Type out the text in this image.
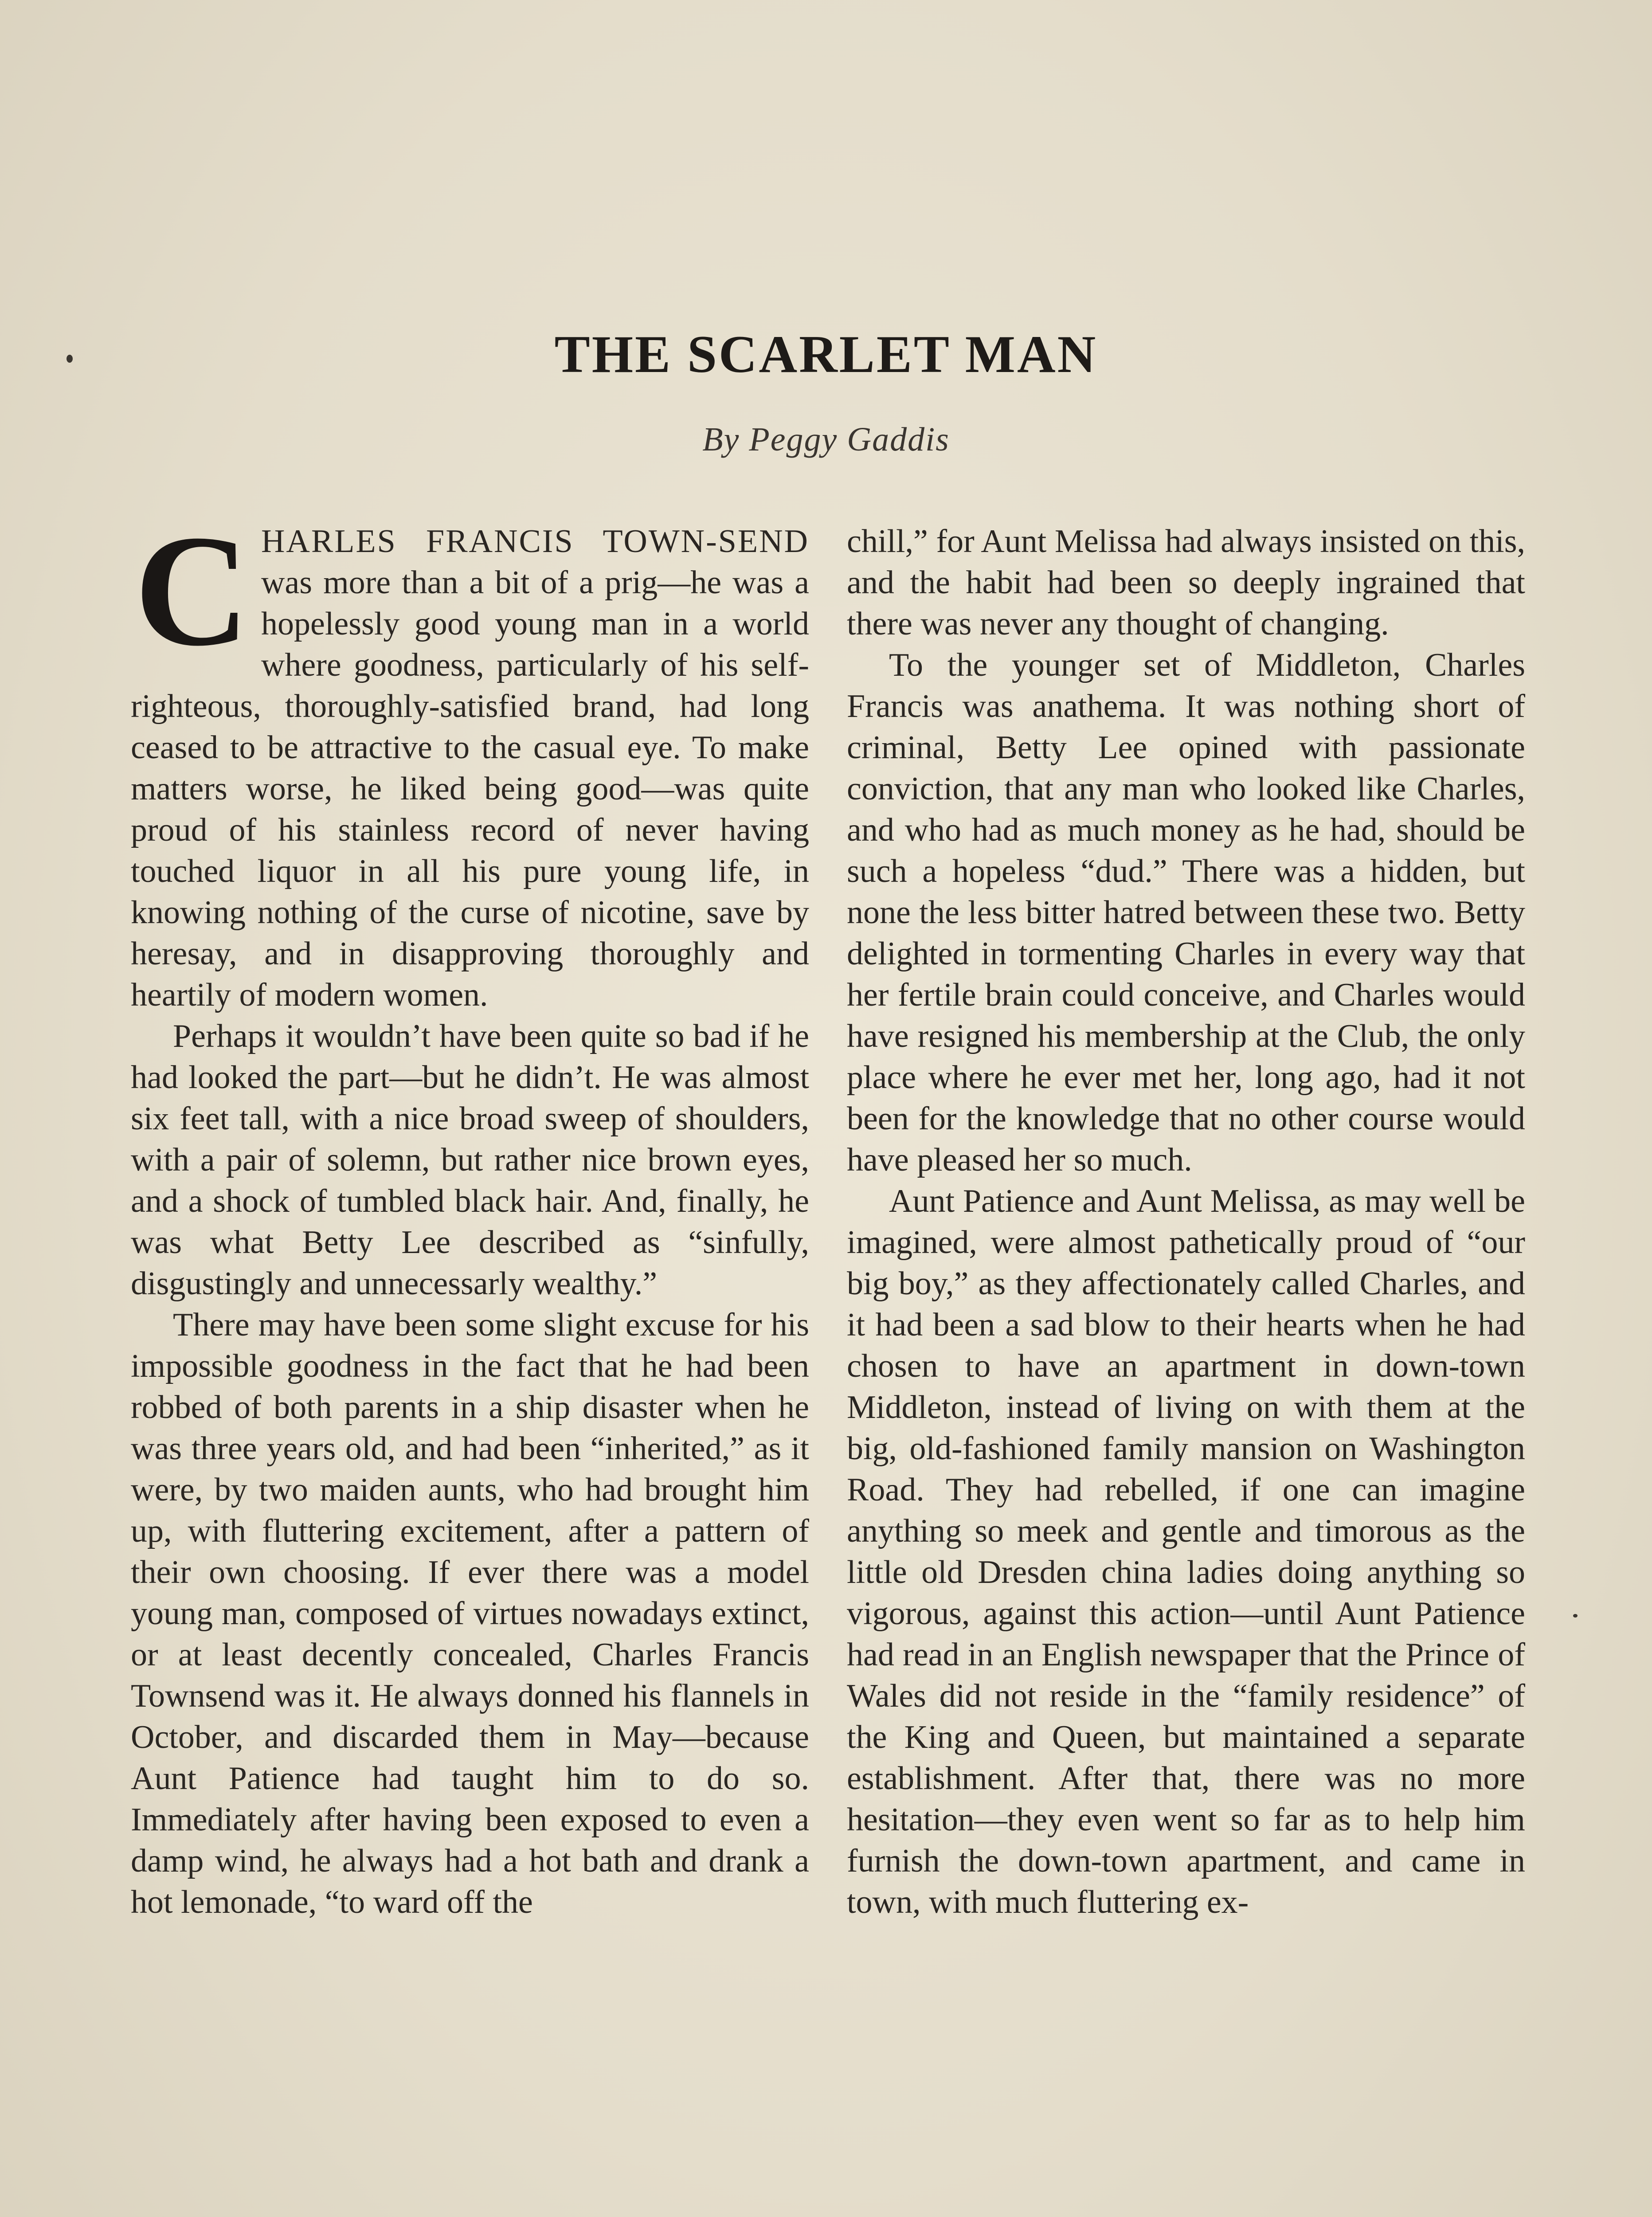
THE SCARLET MAN
By Peggy Gaddis

CHARLES FRANCIS TOWN-SEND was more than a bit of a prig—he was a hopelessly good young man in a world where goodness, particularly of his self-righteous, thoroughly-satisfied brand, had long ceased to be attractive to the casual eye. To make matters worse, he liked being good—was quite proud of his stainless record of never having touched liquor in all his pure young life, in knowing nothing of the curse of nicotine, save by heresay, and in disapproving thoroughly and heartily of modern women.

Perhaps it wouldn’t have been quite so bad if he had looked the part—but he didn’t. He was almost six feet tall, with a nice broad sweep of shoulders, with a pair of solemn, but rather nice brown eyes, and a shock of tumbled black hair. And, finally, he was what Betty Lee described as “sinfully, disgustingly and unnecessarly wealthy.”

There may have been some slight excuse for his impossible goodness in the fact that he had been robbed of both parents in a ship disaster when he was three years old, and had been “inherited,” as it were, by two maiden aunts, who had brought him up, with fluttering excitement, after a pattern of their own choosing. If ever there was a model young man, composed of virtues nowadays extinct, or at least decently concealed, Charles Francis Townsend was it. He always donned his flannels in October, and discarded them in May—because Aunt Patience had taught him to do so. Immediately after having been exposed to even a damp wind, he always had a hot bath and drank a hot lemonade, “to ward off the

chill,” for Aunt Melissa had always insisted on this, and the habit had been so deeply ingrained that there was never any thought of changing.

To the younger set of Middleton, Charles Francis was anathema. It was nothing short of criminal, Betty Lee opined with passionate conviction, that any man who looked like Charles, and who had as much money as he had, should be such a hopeless “dud.” There was a hidden, but none the less bitter hatred between these two. Betty delighted in tormenting Charles in every way that her fertile brain could conceive, and Charles would have resigned his membership at the Club, the only place where he ever met her, long ago, had it not been for the knowledge that no other course would have pleased her so much.

Aunt Patience and Aunt Melissa, as may well be imagined, were almost pathetically proud of “our big boy,” as they affectionately called Charles, and it had been a sad blow to their hearts when he had chosen to have an apartment in down-town Middleton, instead of living on with them at the big, old-fashioned family mansion on Washington Road. They had rebelled, if one can imagine anything so meek and gentle and timorous as the little old Dresden china ladies doing anything so vigorous, against this action—until Aunt Patience had read in an English newspaper that the Prince of Wales did not reside in the “family residence” of the King and Queen, but maintained a separate establishment. After that, there was no more hesitation—they even went so far as to help him furnish the down-town apartment, and came in town, with much fluttering ex-
